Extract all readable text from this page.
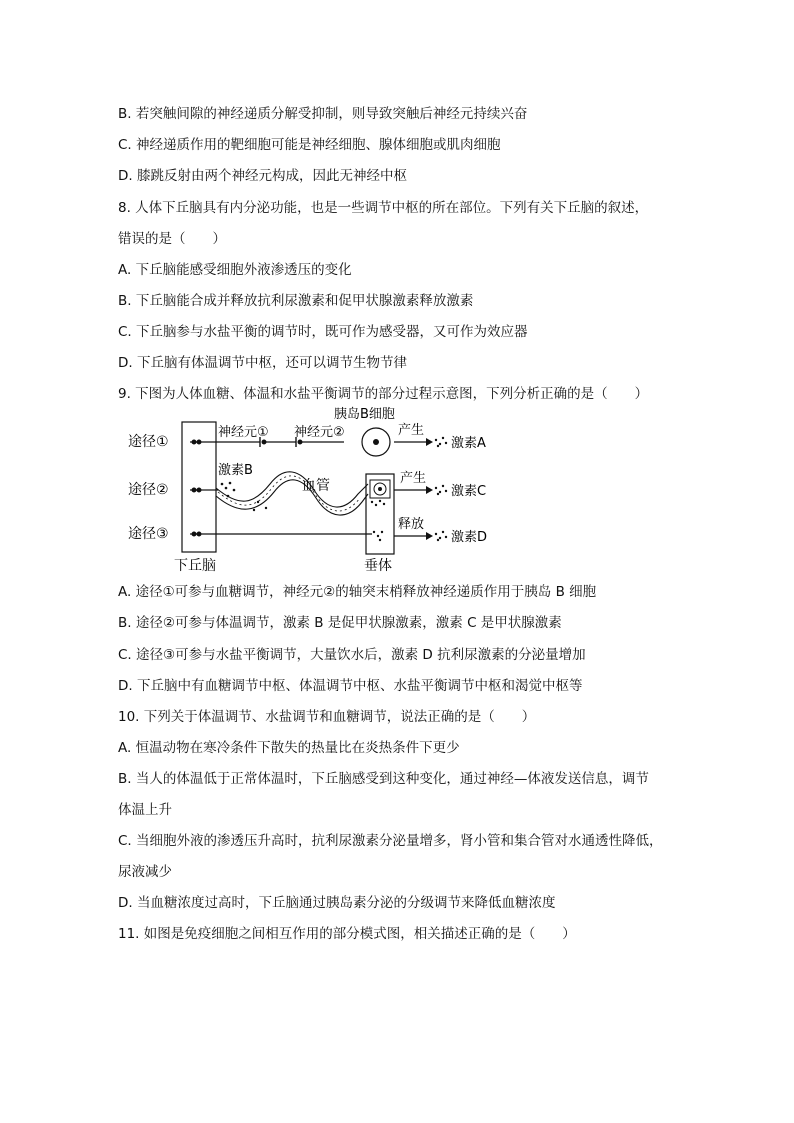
B. 若突触间隙的神经递质分解受抑制，则导致突触后神经元持续兴奋
C. 神经递质作用的靶细胞可能是神经细胞、腺体细胞或肌肉细胞
D. 膝跳反射由两个神经元构成，因此无神经中枢
8. 人体下丘脑具有内分泌功能，也是一些调节中枢的所在部位。下列有关下丘脑的叙述，
错误的是（　　）
A. 下丘脑能感受细胞外液渗透压的变化
B. 下丘脑能合成并释放抗利尿激素和促甲状腺激素释放激素
C. 下丘脑参与水盐平衡的调节时，既可作为感受器，又可作为效应器
D. 下丘脑有体温调节中枢，还可以调节生物节律
9. 下图为人体血糖、体温和水盐平衡调节的部分过程示意图，下列分析正确的是（　　）
A. 途径①可参与血糖调节，神经元②的轴突末梢释放神经递质作用于胰岛 B 细胞
B. 途径②可参与体温调节，激素 B 是促甲状腺激素，激素 C 是甲状腺激素
C. 途径③可参与水盐平衡调节，大量饮水后，激素 D 抗利尿激素的分泌量增加
D. 下丘脑中有血糖调节中枢、体温调节中枢、水盐平衡调节中枢和渴觉中枢等
10. 下列关于体温调节、水盐调节和血糖调节，说法正确的是（　　）
A. 恒温动物在寒冷条件下散失的热量比在炎热条件下更少
B. 当人的体温低于正常体温时，下丘脑感受到这种变化，通过神经—体液发送信息，调节
体温上升
C. 当细胞外液的渗透压升高时，抗利尿激素分泌量增多，肾小管和集合管对水通透性降低，
尿液减少
D. 当血糖浓度过高时，下丘脑通过胰岛素分泌的分级调节来降低血糖浓度
11. 如图是免疫细胞之间相互作用的部分模式图，相关描述正确的是（　　）
途径①
途径②
途径③
神经元① 神经元②
胰岛B细胞
产生
激素A
激素B
血管	产生
激素C
释放
激素D
下丘脑	垂体
